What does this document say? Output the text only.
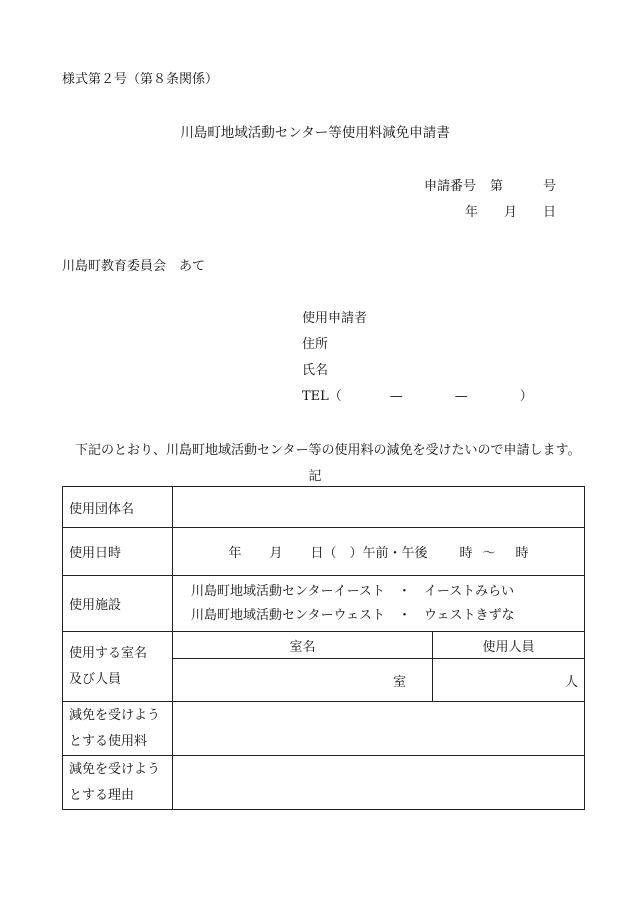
様式第２号（第８条関係）
川島町地域活動センター等使用料減免申請書
申請番号 第	号
年 月 日
川島町教育委員会　あて
使用申請者
住所
氏名
TEL（	—	—	）
下記のとおり、川島町地域活動センター等の使用料の減免を受けたいので申請します。
記
使用団体名		
使用日時	年 月 日（　）午前・午後 時 ～ 時	
使用施設	川島町地域活動センターイースト　・　イーストみらい
川島町地域活動センターウェスト　・　ウェストきずな	

使用する室名
及び人員	室名	使用人員
	室	人

減免を受けよう
とする使用料		

減免を受けよう
とする理由		
